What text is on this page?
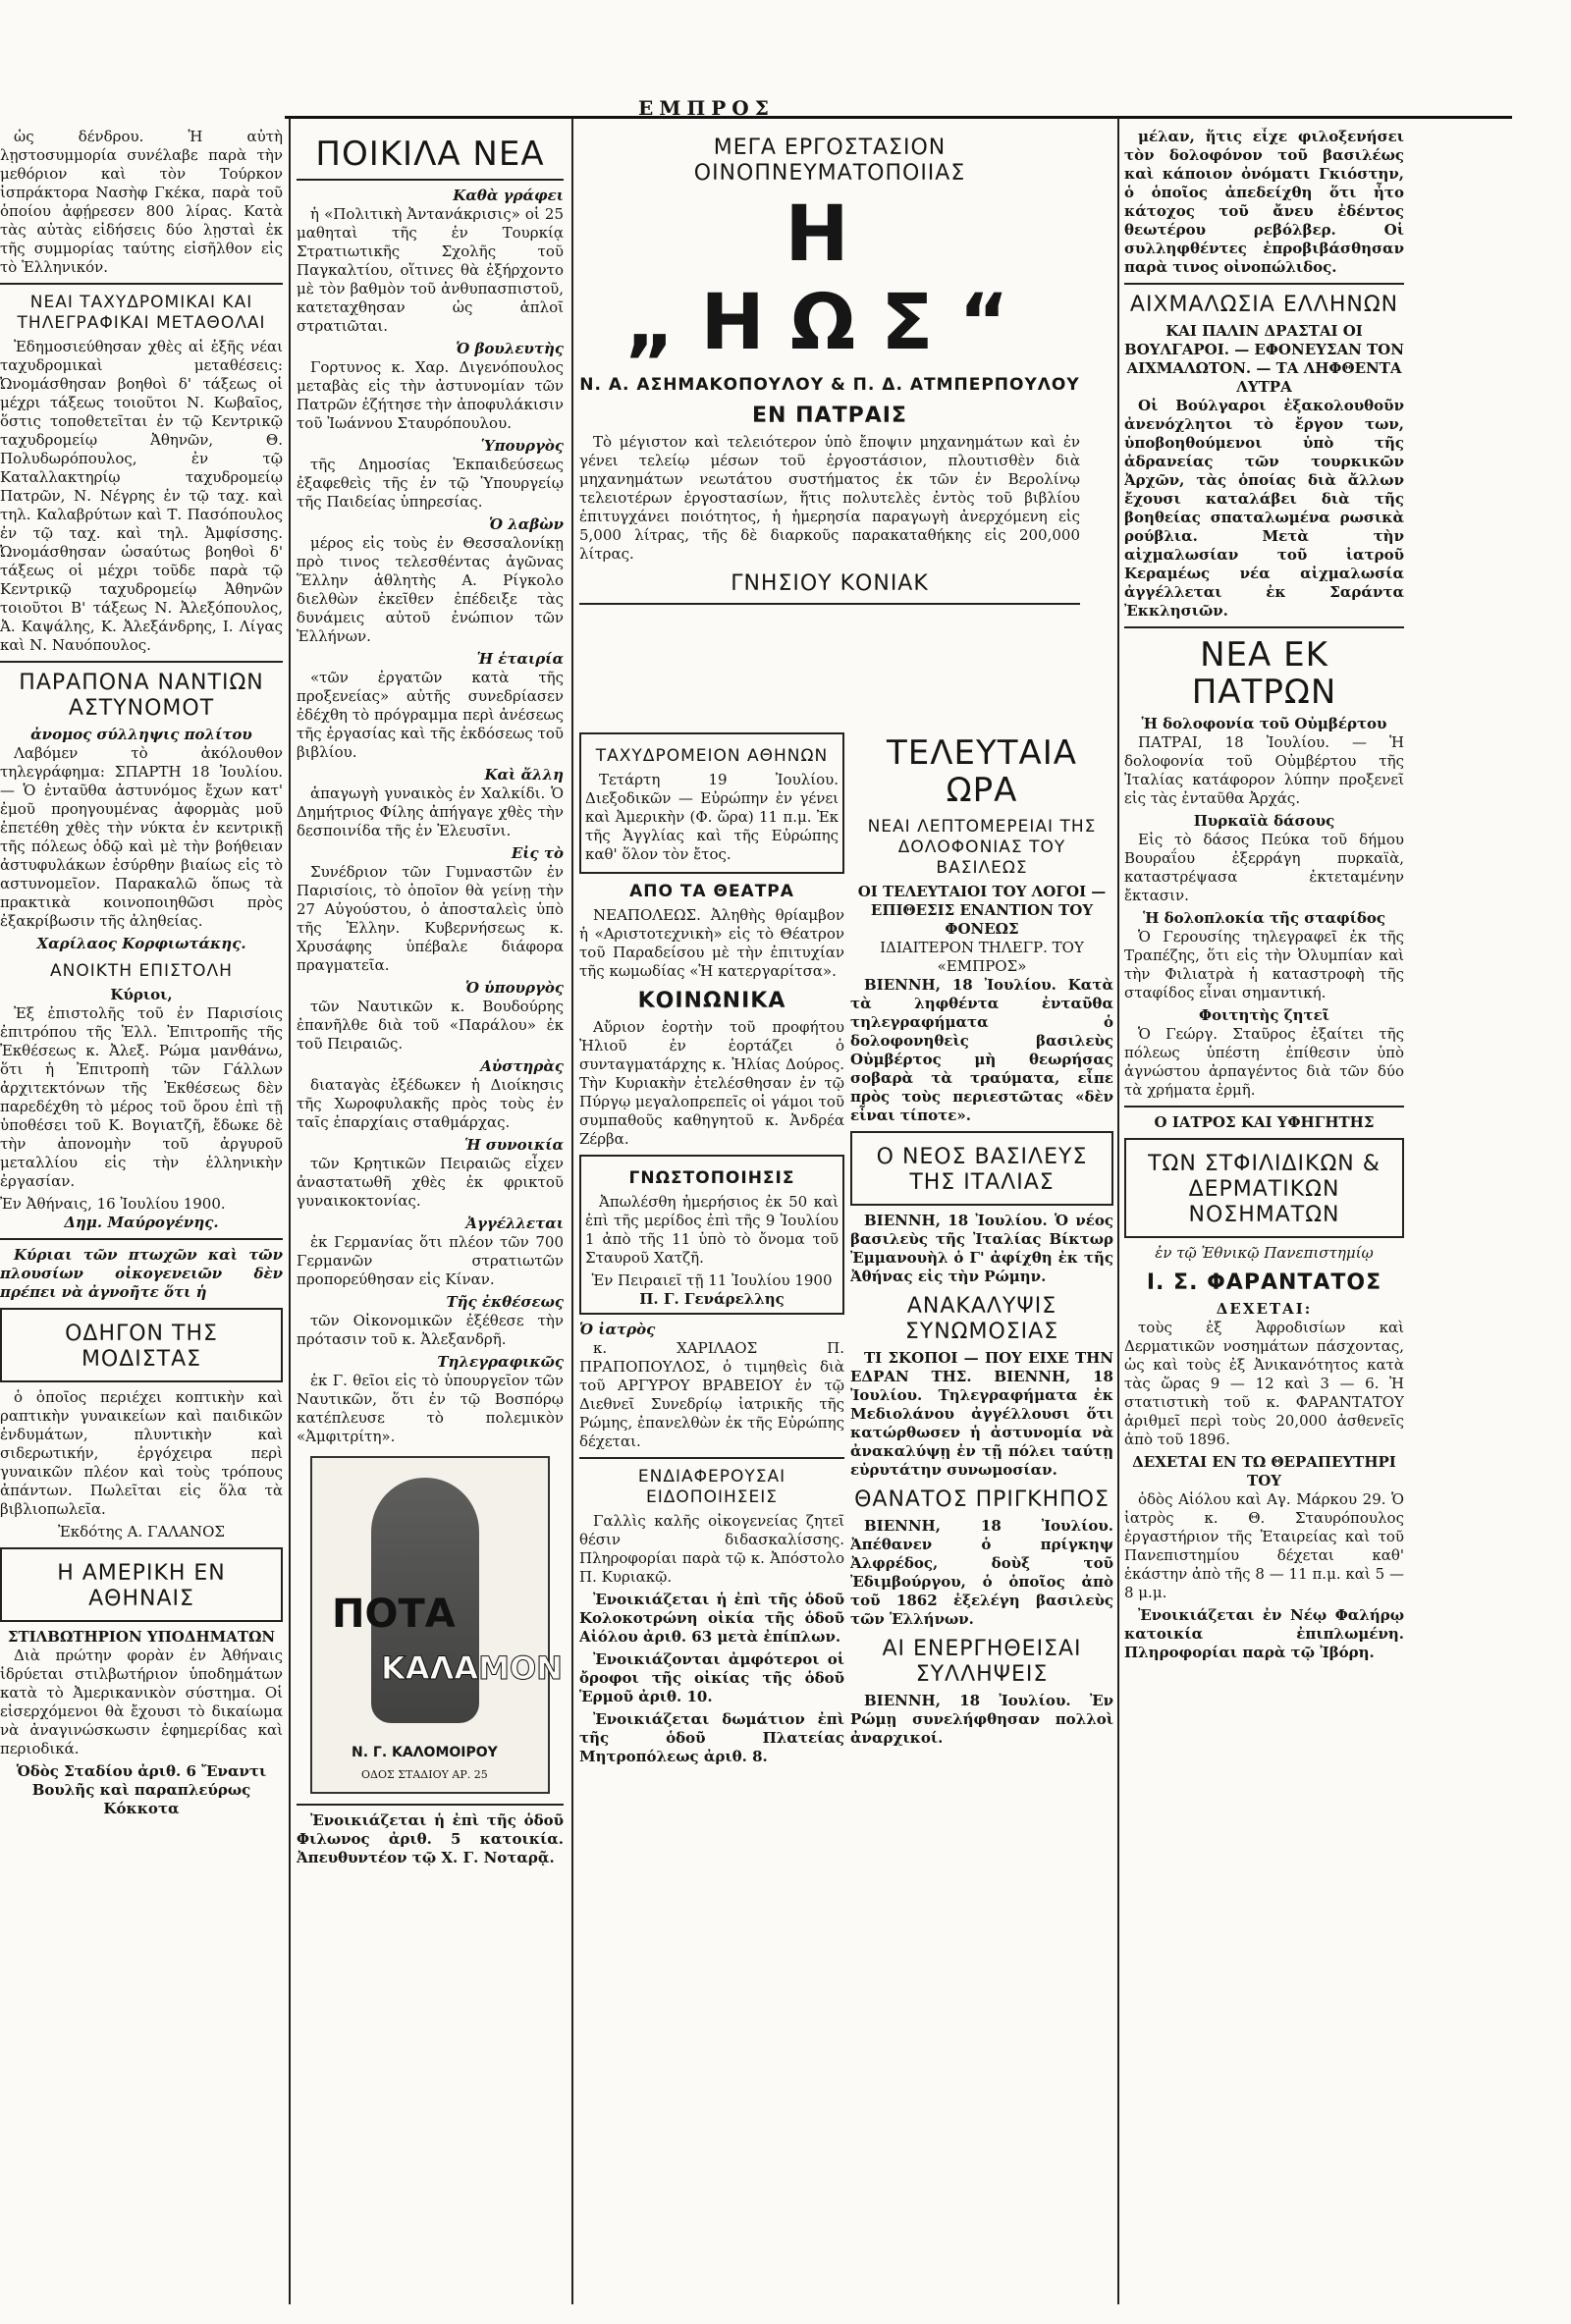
ΕΜΠΡΟΣ

ὡς δένδρου. Ἡ αὐτὴ λῃστοσυμμορία συνέλαβε παρὰ τὴν μεθόριον καὶ τὸν Τούρκον ἰσπράκτορα Νασὴφ Γκέκα, παρὰ τοῦ ὁποίου ἀφῄρεσεν 800 λίρας. Κατὰ τὰς αὐτὰς εἰδήσεις δύο λῃσταὶ ἐκ τῆς συμμορίας ταύτης εἰσῆλθον εἰς τὸ Ἑλληνικόν.

ΝΕΑΙ ΤΑΧΥΔΡΟΜΙΚΑΙ ΚΑΙ ΤΗΛΕΓΡΑΦΙΚΑΙ ΜΕΤΑΘΟΛΑΙ

Ἐδημοσιεύθησαν χθὲς αἱ ἑξῆς νέαι ταχυδρομικαὶ μεταθέσεις: Ὠνομάσθησαν βοηθοὶ δ' τάξεως οἱ μέχρι τάξεως τοιοῦτοι Ν. Κωβαῖος, ὅστις τοποθετεῖται ἐν τῷ Κεντρικῷ ταχυδρομείῳ Ἀθηνῶν, Θ. Πολυδωρόπουλος, ἐν τῷ Καταλλακτηρίῳ ταχυδρομείῳ Πατρῶν, Ν. Νέγρης ἐν τῷ ταχ. καὶ τηλ. Καλαβρύτων καὶ Τ. Πασόπουλος ἐν τῷ ταχ. καὶ τηλ. Ἀμφίσσης. Ὠνομάσθησαν ὡσαύτως βοηθοὶ δ' τάξεως οἱ μέχρι τοῦδε παρὰ τῷ Κεντρικῷ ταχυδρομείῳ Ἀθηνῶν τοιοῦτοι Β' τάξεως Ν. Ἀλεξόπουλος, Ἀ. Καψάλης, Κ. Ἀλεξάνδρης, Ι. Λίγας καὶ Ν. Ναυόπουλος.

ΠΑΡΑΠΟΝΑ ΝΑΝΤΙΩΝ ΑΣΤΥΝΟΜΟΤ
ἀνομος σύλληψις πολίτου

Λαβόμεν τὸ ἀκόλουθον τηλεγράφημα: ΣΠΑΡΤΗ 18 Ἰουλίου. — Ὁ ἐνταῦθα ἀστυνόμος ἔχων κατ' ἐμοῦ προηγουμένας ἀφορμὰς μοῦ ἐπετέθη χθὲς τὴν νύκτα ἐν κεντρικῇ τῆς πόλεως ὁδῷ καὶ μὲ τὴν βοήθειαν ἀστυφυλάκων ἐσύρθην βιαίως εἰς τὸ αστυνομεῖον. Παρακαλῶ ὅπως τὰ πρακτικὰ κοινοποιηθῶσι πρὸς ἐξακρίβωσιν τῆς ἀληθείας.

Χαρίλαος Κορφιωτάκης.
ΑΝΟΙΚΤΗ ΕΠΙΣΤΟΛΗ
Κύριοι,

Ἐξ ἐπιστολῆς τοῦ ἐν Παρισίοις ἐπιτρόπου τῆς Ἑλλ. Ἐπιτροπῆς τῆς Ἐκθέσεως κ. Ἀλεξ. Ρώμα μανθάνω, ὅτι ἡ Ἐπιτροπὴ τῶν Γάλλων ἀρχιτεκτόνων τῆς Ἐκθέσεως δὲν παρεδέχθη τὸ μέρος τοῦ ὅρου ἐπὶ τῇ ὑποθέσει τοῦ Κ. Βογιατζῆ, ἔδωκε δὲ τὴν ἀπονομὴν τοῦ ἀργυροῦ μεταλλίου εἰς τὴν ἐλληνικὴν ἐργασίαν.

Ἐν Ἀθήναις, 16 Ἰουλίου 1900.
Δημ. Μαύρογένης.

Κύριαι τῶν πτωχῶν καὶ τῶν πλουσίων οἰκογενειῶν δὲν πρέπει νὰ ἀγνοῆτε ὅτι ἡ

ΟΔΗΓΟΝ ΤΗΣ ΜΟΔΙΣΤΑΣ

ὁ ὁποῖος περιέχει κοπτικὴν καὶ ραπτικὴν γυναικείων καὶ παιδικῶν ἐνδυμάτων, πλυντικὴν καὶ σιδερωτικήν, ἐργόχειρα περὶ γυναικῶν πλέον καὶ τοὺς τρόπους ἀπάντων. Πωλεῖται εἰς ὅλα τὰ βιβλιοπωλεῖα.

Ἐκδότης Α. ΓΑΛΑΝΟΣ
Η ΑΜΕΡΙΚΗ ΕΝ ΑΘΗΝΑΙΣ
ΣΤΙΛΒΩΤΗΡΙΟΝ ΥΠΟΔΗΜΑΤΩΝ

Διὰ πρώτην φορὰν ἐν Ἀθήναις ἱδρύεται στιλβωτήριον ὑποδημάτων κατὰ τὸ Ἀμερικανικὸν σύστημα. Οἱ εἰσερχόμενοι θὰ ἔχουσι τὸ δικαίωμα νὰ ἀναγινώσκωσιν ἐφημερίδας καὶ περιοδικά.

Ὁδὸς Σταδίου ἀριθ. 6 Ἔναντι Βουλῆς καὶ παραπλεύρως Κόκκοτα
ΠΟΙΚΙΛΑ ΝΕΑ
Καθὰ γράφει

ἡ «Πολιτικὴ Ἀντανάκρισις» οἱ 25 μαθηταὶ τῆς ἐν Τουρκίᾳ Στρατιωτικῆς Σχολῆς τοῦ Παγκαλτίου, οἵτινες θὰ ἐξήρχοντο μὲ τὸν βαθμὸν τοῦ ἀνθυπασπιστοῦ, κατεταχθησαν ὡς ἁπλοῖ στρατιῶται.

Ὁ βουλευτὴς

Γορτυνος κ. Χαρ. Διγενόπουλος μεταβὰς εἰς τὴν ἀστυνομίαν τῶν Πατρῶν ἐζήτησε τὴν ἀποφυλάκισιν τοῦ Ἰωάννου Σταυρόπουλου.

Ὑπουργὸς

τῆς Δημοσίας Ἐκπαιδεύσεως ἐξαφεθεὶς τῆς ἐν τῷ Ὑπουργείῳ τῆς Παιδείας ὑπηρεσίας.

Ὁ λαβὼν

μέρος εἰς τοὺς ἐν Θεσσαλονίκῃ πρὸ τινος τελεσθέντας ἀγῶνας Ἕλλην ἀθλητὴς Α. Ρίγκολο διελθὼν ἐκεῖθεν ἐπέδειξε τὰς δυνάμεις αὐτοῦ ἐνώπιον τῶν Ἑλλήνων.

Ἡ ἑταιρία

«τῶν ἐργατῶν κατὰ τῆς προξενείας» αὐτῆς συνεδρίασεν ἐδέχθη τὸ πρόγραμμα περὶ ἀνέσεως τῆς ἐργασίας καὶ τῆς ἐκδόσεως τοῦ βιβλίου.

Καὶ ἄλλη

ἀπαγωγὴ γυναικὸς ἐν Χαλκίδι. Ὁ Δημήτριος Φίλης ἀπήγαγε χθὲς τὴν δεσποινίδα τῆς ἐν Ἐλευσῖνι.

Εἰς τὸ

Συνέδριον τῶν Γυμναστῶν ἐν Παρισίοις, τὸ ὁποῖον θὰ γείνῃ τὴν 27 Αὐγούστου, ὁ ἀποσταλεὶς ὑπὸ τῆς Ἑλλην. Κυβερνήσεως κ. Χρυσάφης ὑπέβαλε διάφορα πραγματεῖα.

Ὁ ὑπουργὸς

τῶν Ναυτικῶν κ. Βουδούρης ἐπανῆλθε διὰ τοῦ «Παράλου» ἐκ τοῦ Πειραιῶς.

Αὐστηρὰς

διαταγὰς ἐξέδωκεν ἡ Διοίκησις τῆς Χωροφυλακῆς πρὸς τοὺς ἐν ταῖς ἐπαρχίαις σταθμάρχας.

Ἡ συνοικία

τῶν Κρητικῶν Πειραιῶς εἶχεν ἀναστατωθῆ χθὲς ἐκ φρικτοῦ γυναικοκτονίας.

Ἀγγέλλεται

ἐκ Γερμανίας ὅτι πλέον τῶν 700 Γερμανῶν στρατιωτῶν προπορεύθησαν εἰς Κίναν.

Τῆς ἐκθέσεως

τῶν Οἰκονομικῶν ἐξέθεσε τὴν πρότασιν τοῦ κ. Ἀλεξανδρῆ.

Τηλεγραφικῶς

ἐκ Γ. θεῖοι εἰς τὸ ὑπουργεῖον τῶν Ναυτικῶν, ὅτι ἐν τῷ Βοσπόρῳ κατέπλευσε τὸ πολεμικὸν «Ἀμφιτρίτη».

ΠΟΤΑ
ΚΑΛΑΜΟΝ
Ν. Γ. ΚΑΛΟΜΟΙΡΟΥ
ΟΔΟΣ ΣΤΑΔΙΟΥ ΑΡ. 25

Ἐνοικιάζεται ἡ ἐπὶ τῆς ὁδοῦ Φιλωνος ἀριθ. 5 κατοικία. Ἀπευθυντέον τῷ Χ. Γ. Νοταρᾷ.

ΜΕΓΑ ΕΡΓΟΣΤΑΣΙΟΝ ΟΙΝΟΠΝΕΥΜΑΤΟΠΟΙΙΑΣ
Η „ΗΩΣ“
Ν. Α. ΑΣΗΜΑΚΟΠΟΥΛΟΥ & Π. Δ. ΑΤΜΠΕΡΠΟΥΛΟΥ
ΕΝ ΠΑΤΡΑΙΣ

Τὸ μέγιστον καὶ τελειότερον ὑπὸ ἔποψιν μηχανημάτων καὶ ἐν γένει τελείῳ μέσων τοῦ ἐργοστάσιον, πλουτισθὲν διὰ μηχανημάτων νεωτάτου συστήματος ἐκ τῶν ἐν Βερολίνῳ τελειοτέρων ἐργοστασίων, ἥτις πολυτελὲς ἐντὸς τοῦ βιβλίου ἐπιτυγχάνει ποιότητος, ἡ ἡμερησία παραγωγὴ ἀνερχόμενη εἰς 5,000 λίτρας, τῆς δὲ διαρκοῦς παρακαταθήκης εἰς 200,000 λίτρας.

ΓΝΗΣΙΟΥ ΚΟΝΙΑΚ
ΤΑΧΥΔΡΟΜΕΙΟΝ ΑΘΗΝΩΝ

Τετάρτη 19 Ἰουλίου. Διεξοδικῶν — Εὐρώπην ἐν γένει καὶ Ἀμερικὴν (Φ. ὥρα) 11 π.μ. Ἐκ τῆς Ἀγγλίας καὶ τῆς Εὐρώπης καθ' ὅλον τὸν ἔτος.

ΑΠΟ ΤΑ ΘΕΑΤΡΑ

ΝΕΑΠΟΛΕΩΣ. Ἀληθὴς θρίαμβον ἡ «Αριστοτεχνικὴ» εἰς τὸ Θέατρον τοῦ Παραδείσου μὲ τὴν ἐπιτυχίαν τῆς κωμωδίας «Ἡ κατεργαρίτσα».

ΚΟΙΝΩΝΙΚΑ

Αὔριον ἑορτὴν τοῦ προφήτου Ἠλιοῦ ἐν ἑορτάζει ὁ συνταγματάρχης κ. Ἠλίας Δούρος. Τὴν Κυριακὴν ἐτελέσθησαν ἐν τῷ Πύργῳ μεγαλοπρεπεῖς οἱ γάμοι τοῦ συμπαθοῦς καθηγητοῦ κ. Ἀνδρέα Ζέρβα.

ΓΝΩΣΤΟΠΟΙΗΣΙΣ

Ἀπωλέσθη ἡμερήσιος ἐκ 50 καὶ ἐπὶ τῆς μερίδος ἐπὶ τῆς 9 Ἰουλίου 1 ἀπὸ τῆς 11 ὑπὸ τὸ ὄνομα τοῦ Σταυροῦ Χατζῆ.

Ἐν Πειραιεῖ τῇ 11 Ἰουλίου 1900
Π. Γ. Γενάρελλης
Ὁ ἰατρὸς

κ. ΧΑΡΙΛΑΟΣ Π. ΠΡΑΠΟΠΟΥΛΟΣ, ὁ τιμηθεὶς διὰ τοῦ ΑΡΓΥΡΟΥ ΒΡΑΒΕΙΟΥ ἐν τῷ Διεθνεῖ Συνεδρίῳ ἰατρικῆς τῆς Ρώμης, ἐπανελθὼν ἐκ τῆς Εὐρώπης δέχεται.

ΕΝΔΙΑΦΕΡΟΥΣΑΙ ΕΙΔΟΠΟΙΗΣΕΙΣ

Γαλλὶς καλῆς οἰκογενείας ζητεῖ θέσιν διδασκαλίσσης. Πληροφορίαι παρὰ τῷ κ. Ἀπόστολο Π. Κυριακῷ.

Ἐνοικιάζεται ἡ ἐπὶ τῆς ὁδοῦ Κολοκοτρώνη οἰκία τῆς ὁδοῦ Αἰόλου ἀριθ. 63 μετὰ ἐπίπλων.

Ἐνοικιάζονται ἀμφότεροι οἱ ὄροφοι τῆς οἰκίας τῆς ὁδοῦ Ἑρμοῦ ἀριθ. 10.

Ἐνοικιάζεται δωμάτιον ἐπὶ τῆς ὁδοῦ Πλατείας Μητροπόλεως ἀριθ. 8.

ΤΕΛΕΥΤΑΙΑ ΩΡΑ
ΝΕΑΙ ΛΕΠΤΟΜΕΡΕΙΑΙ ΤΗΣ ΔΟΛΟΦΟΝΙΑΣ ΤΟΥ ΒΑΣΙΛΕΩΣ
ΟΙ ΤΕΛΕΥΤΑΙΟΙ ΤΟΥ ΛΟΓΟΙ — ΕΠΙΘΕΣΙΣ ΕΝΑΝΤΙΟΝ ΤΟΥ ΦΟΝΕΩΣ
ΙΔΙΑΙΤΕΡΟΝ ΤΗΛΕΓΡ. ΤΟΥ «ΕΜΠΡΟΣ»

ΒΙΕΝΝΗ, 18 Ἰουλίου. Κατὰ τὰ ληφθέντα ἐνταῦθα τηλεγραφήματα ὁ δολοφονηθεὶς βασιλεὺς Οὐμβέρτος μὴ θεωρήσας σοβαρὰ τὰ τραύματα, εἶπε πρὸς τοὺς περιεστῶτας «δὲν εἶναι τίποτε».

Ο ΝΕΟΣ ΒΑΣΙΛΕΥΣ ΤΗΣ ΙΤΑΛΙΑΣ

ΒΙΕΝΝΗ, 18 Ἰουλίου. Ὁ νέος βασιλεὺς τῆς Ἰταλίας Βίκτωρ Ἐμμανουὴλ ὁ Γ' ἀφίχθη ἐκ τῆς Ἀθήνας εἰς τὴν Ρώμην.

ΑΝΑΚΑΛΥΨΙΣ ΣΥΝΩΜΟΣΙΑΣ

ΤΙ ΣΚΟΠΟΙ — ΠΟΥ ΕΙΧΕ ΤΗΝ ΕΔΡΑΝ ΤΗΣ. ΒΙΕΝΝΗ, 18 Ἰουλίου. Τηλεγραφήματα ἐκ Μεδιολάνου ἀγγέλλουσι ὅτι κατώρθωσεν ἡ ἀστυνομία νὰ ἀνακαλύψῃ ἐν τῇ πόλει ταύτῃ εὐρυτάτην συνωμοσίαν.

ΘΑΝΑΤΟΣ ΠΡΙΓΚΗΠΟΣ

ΒΙΕΝΝΗ, 18 Ἰουλίου. Ἀπέθανεν ὁ πρίγκηψ Ἀλφρέδος, δοὺξ τοῦ Ἐδιμβούργου, ὁ ὁποῖος ἀπὸ τοῦ 1862 ἐξελέγη βασιλεὺς τῶν Ἑλλήνων.

ΑΙ ΕΝΕΡΓΗΘΕΙΣΑΙ ΣΥΛΛΗΨΕΙΣ

ΒΙΕΝΝΗ, 18 Ἰουλίου. Ἐν Ρώμῃ συνελήφθησαν πολλοὶ ἀναρχικοί.

μέλαν, ἥτις εἶχε φιλοξενήσει τὸν δολοφόνον τοῦ βασιλέως καὶ κάποιον ὀνόματι Γκιόστην, ὁ ὁποῖος ἀπεδείχθη ὅτι ἦτο κάτοχος τοῦ ἄνευ ἐδέντος θεωτέρου ρεβόλβερ. Οἱ συλληφθέντες ἐπροβιβάσθησαν παρὰ τινος οἰνοπώλιδος.

ΑΙΧΜΑΛΩΣΙΑ ΕΛΛΗΝΩΝ
ΚΑΙ ΠΑΛΙΝ ΔΡΑΣΤΑΙ ΟΙ ΒΟΥΛΓΑΡΟΙ. — ΕΦΟΝΕΥΣΑΝ ΤΟΝ ΑΙΧΜΑΛΩΤΟΝ. — ΤΑ ΛΗΦΘΕΝΤΑ ΛΥΤΡΑ

Οἱ Βούλγαροι ἐξακολουθοῦν ἀνενόχλητοι τὸ ἔργον των, ὑποβοηθούμενοι ὑπὸ τῆς ἀδρανείας τῶν τουρκικῶν Ἀρχῶν, τὰς ὁποίας διὰ ἄλλων ἔχουσι καταλάβει διὰ τῆς βοηθείας σπαταλωμένα ρωσικὰ ρούβλια. Μετὰ τὴν αἰχμαλωσίαν τοῦ ἰατροῦ Κεραμέως νέα αἰχμαλωσία ἀγγέλλεται ἐκ Σαράντα Ἐκκλησιῶν.

ΝΕΑ ΕΚ ΠΑΤΡΩΝ
Ἡ δολοφονία τοῦ Οὐμβέρτου

ΠΑΤΡΑΙ, 18 Ἰουλίου. — Ἡ δολοφονία τοῦ Οὐμβέρτου τῆς Ἰταλίας κατάφορον λύπην προξενεῖ εἰς τὰς ἐνταῦθα Ἀρχάς.

Πυρκαϊὰ δάσους

Εἰς τὸ δάσος Πεύκα τοῦ δήμου Βουραΐου ἐξερράγη πυρκαϊὰ, καταστρέψασα ἐκτεταμένην ἔκτασιν.

Ἡ δολοπλοκία τῆς σταφίδος

Ὁ Γερουσίης τηλεγραφεῖ ἐκ τῆς Τραπέζης, ὅτι εἰς τὴν Ὀλυμπίαν καὶ τὴν Φιλιατρὰ ἡ καταστροφὴ τῆς σταφίδος εἶναι σημαντική.

Φοιτητὴς ζητεῖ

Ὁ Γεώργ. Σταῦρος ἐξαίτει τῆς πόλεως ὑπέστη ἐπίθεσιν ὑπὸ ἀγνώστου ἀρπαγέντος διὰ τῶν δύο τὰ χρήματα ἐρμῆ.

Ο ΙΑΤΡΟΣ ΚΑΙ ΥΦΗΓΗΤΗΣ
ΤΩΝ ΣΤΦΙΛΙΔΙΚΩΝ & ΔΕΡΜΑΤΙΚΩΝ ΝΟΣΗΜΑΤΩΝ
ἐν τῷ Ἐθνικῷ Πανεπιστημίῳ
Ι. Σ. ΦΑΡΑΝΤΑΤΟΣ
ΔΕΧΕΤΑΙ:

τοὺς ἐξ Ἀφροδισίων καὶ Δερματικῶν νοσημάτων πάσχοντας, ὡς καὶ τοὺς ἐξ Ἀνικανότητος κατὰ τὰς ὥρας 9 — 12 καὶ 3 — 6. Ἡ στατιστικὴ τοῦ κ. ΦΑΡΑΝΤΑΤΟΥ ἀριθμεῖ περὶ τοὺς 20,000 ἀσθενεῖς ἀπὸ τοῦ 1896.

ΔΕΧΕΤΑΙ ΕΝ ΤΩ ΘΕΡΑΠΕΥΤΗΡΙ ΤΟΥ

ὁδὸς Αἰόλου καὶ Αγ. Μάρκου 29. Ὁ ἰατρὸς κ. Θ. Σταυρόπουλος ἐργαστήριον τῆς Ἑταιρείας καὶ τοῦ Πανεπιστημίου δέχεται καθ' ἑκάστην ἀπὸ τῆς 8 — 11 π.μ. καὶ 5 — 8 μ.μ.

Ἐνοικιάζεται ἐν Νέῳ Φαλήρῳ κατοικία ἐπιπλωμένη. Πληροφορίαι παρὰ τῷ Ἰβόρη.
